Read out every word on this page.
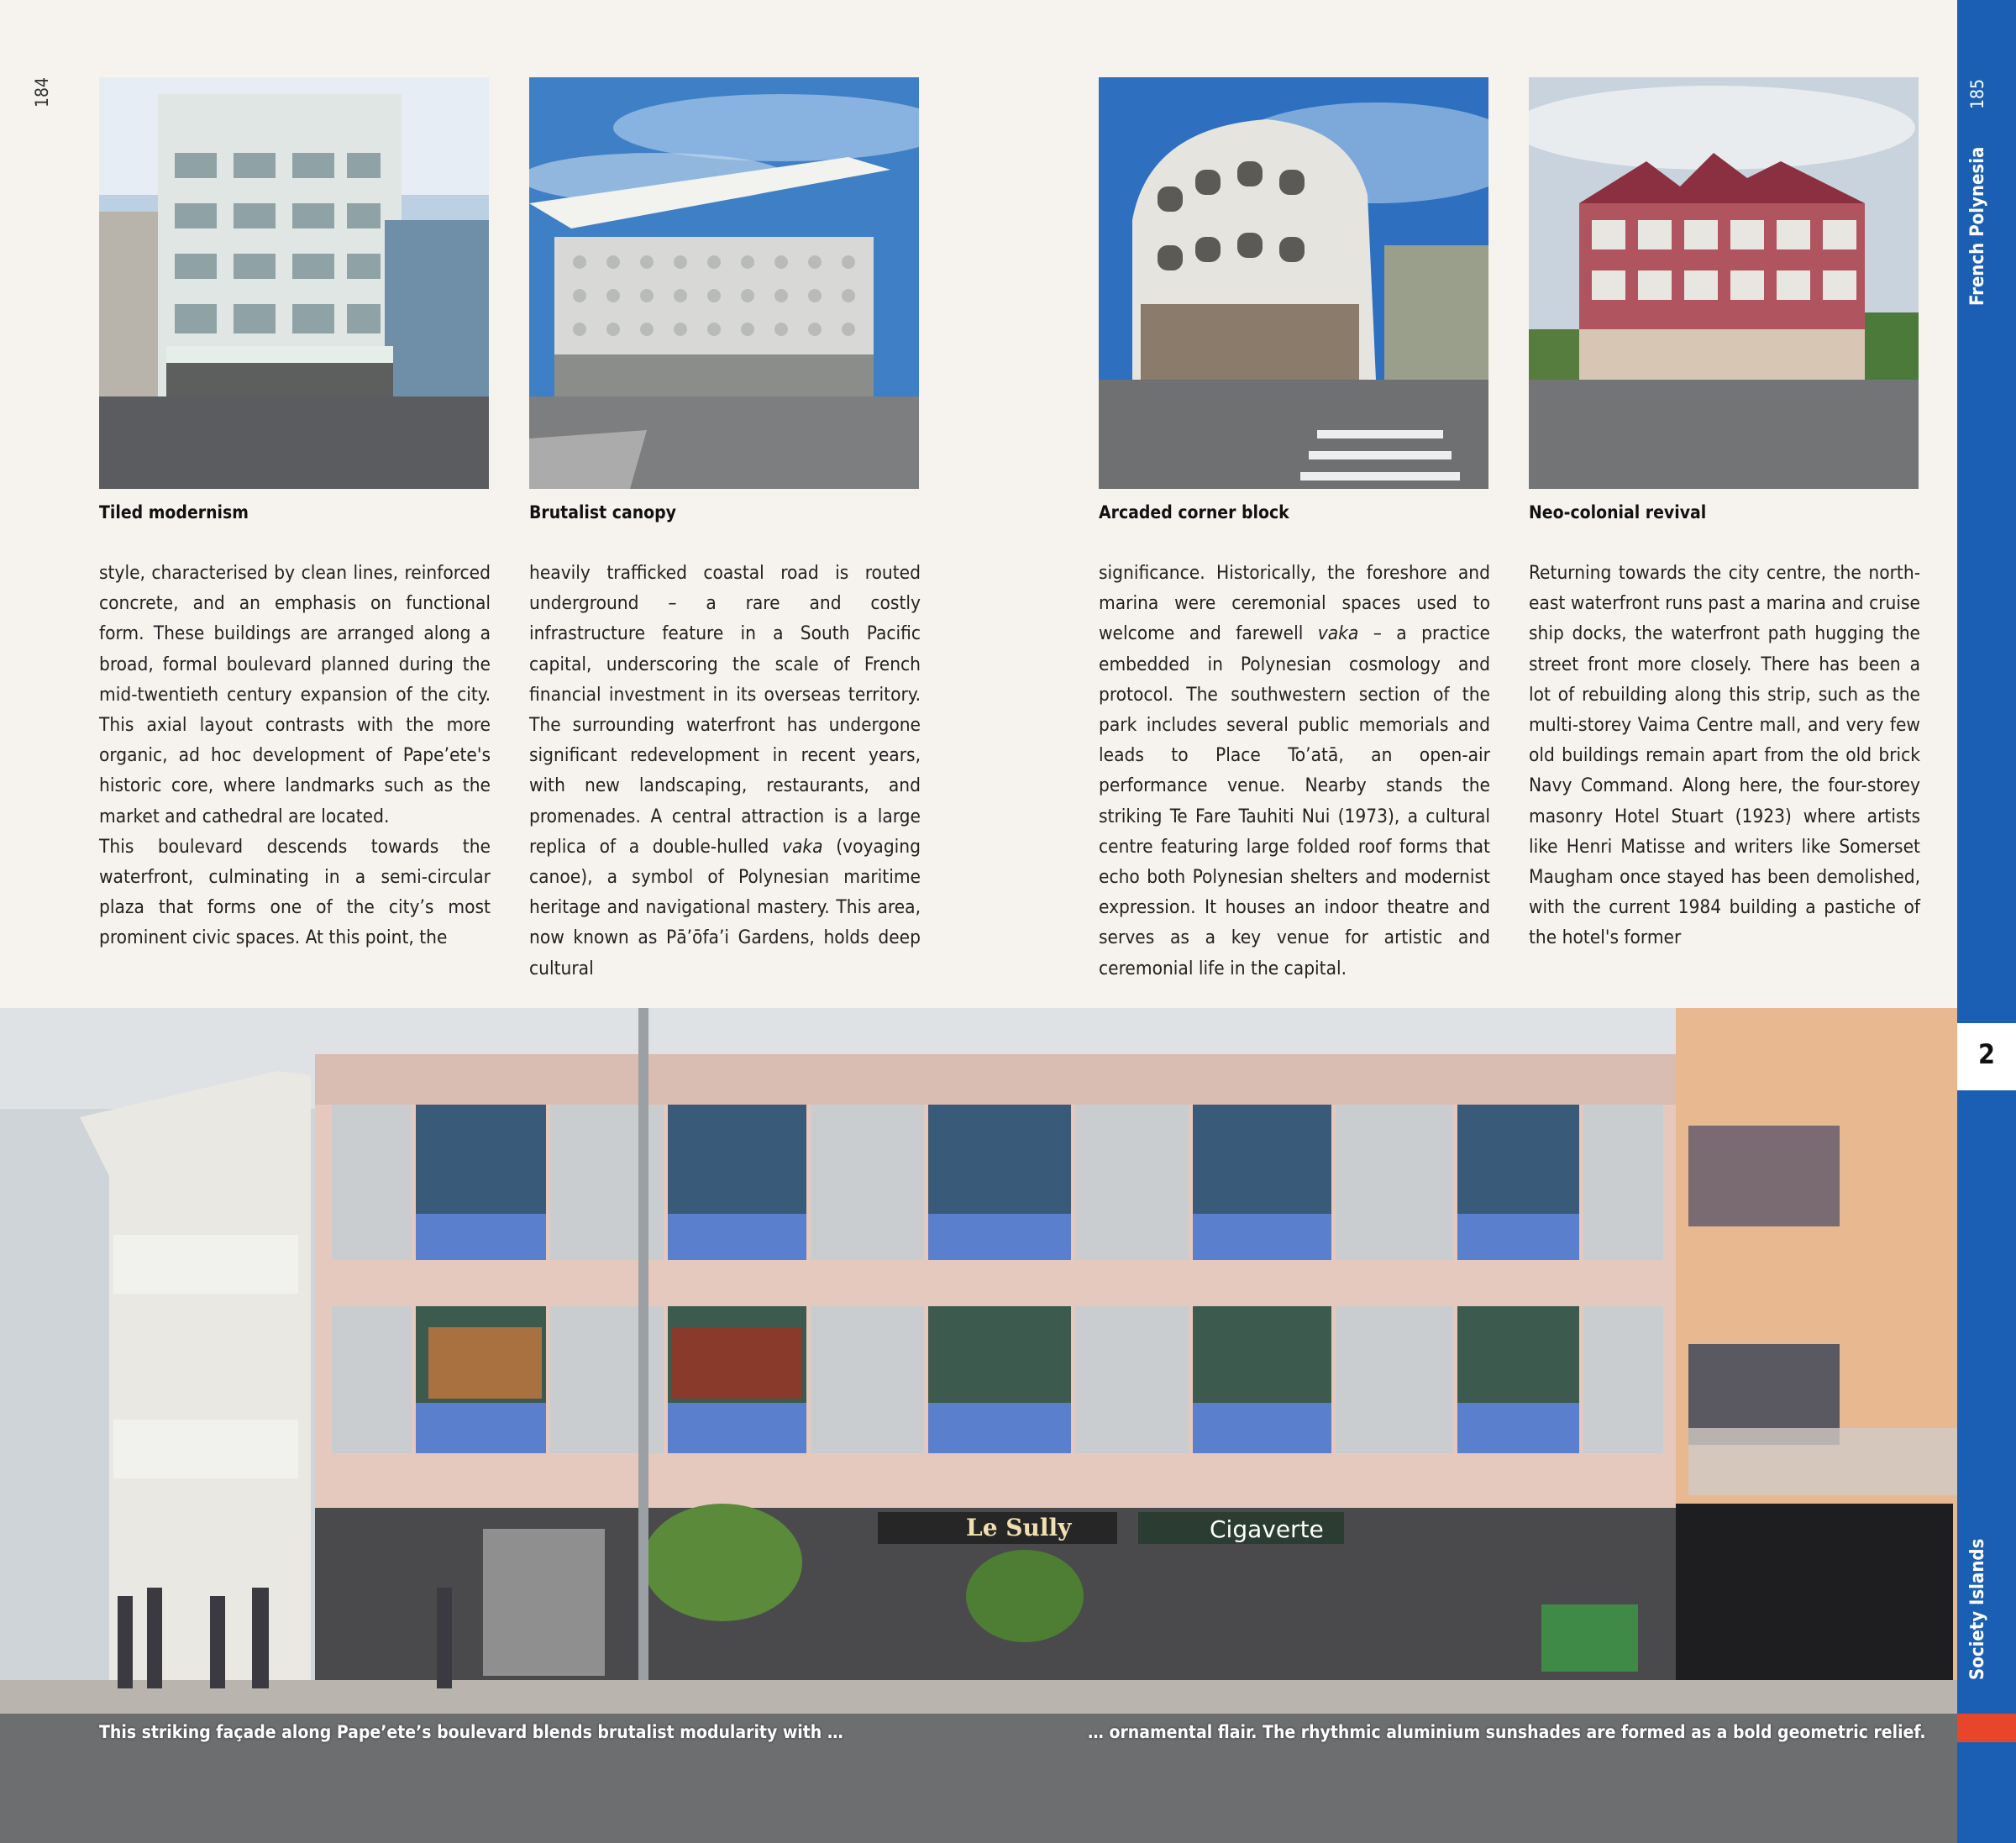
184
Tiled modernism	Brutalist canopy	Arcaded corner block	Neo-colonial revival

style, characterised by clean lines, reinforced concrete, and an emphasis on functional form. These buildings are arranged along a broad, formal boulevard planned during the mid-twentieth century expansion of the city. This axial layout contrasts with the more organic, ad hoc development of Pape’ete's historic core, where landmarks such as the market and cathedral are located.

This boulevard descends towards the waterfront, culminating in a semi-circular plaza that forms one of the city’s most prominent civic spaces. At this point, the

heavily trafficked coastal road is routed underground – a rare and costly infrastructure feature in a South Pacific capital, underscoring the scale of French financial investment in its overseas territory. The surrounding waterfront has undergone significant redevelopment in recent years, with new landscaping, restaurants, and promenades. A central attraction is a large replica of a double-hulled vaka (voyaging canoe), a symbol of Polynesian maritime heritage and navigational mastery. This area, now known as Pā’ōfa’i Gardens, holds deep cultural

significance. Historically, the foreshore and marina were ceremonial spaces used to welcome and farewell vaka – a practice embedded in Polynesian cosmology and protocol. The southwestern section of the park includes several public memorials and leads to Place To’atā, an open-air performance venue. Nearby stands the striking Te Fare Tauhiti Nui (1973), a cultural centre featuring large folded roof forms that echo both Polynesian shelters and modernist expression. It houses an indoor theatre and serves as a key venue for artistic and ceremonial life in the capital.

Returning towards the city centre, the north-east waterfront runs past a marina and cruise ship docks, the waterfront path hugging the street front more closely. There has been a lot of rebuilding along this strip, such as the multi-storey Vaima Centre mall, and very few old buildings remain apart from the old brick Navy Command. Along here, the four-storey masonry Hotel Stuart (1923) where artists like Henri Matisse and writers like Somerset Maugham once stayed has been demolished, with the current 1984 building a pastiche of the hotel's former

Le Sully	Cigaverte
This striking façade along Pape’ete’s boulevard blends brutalist modularity with …	… ornamental flair. The rhythmic aluminium sunshades are formed as a bold geometric relief.
185
French Polynesia
2
Society Islands
